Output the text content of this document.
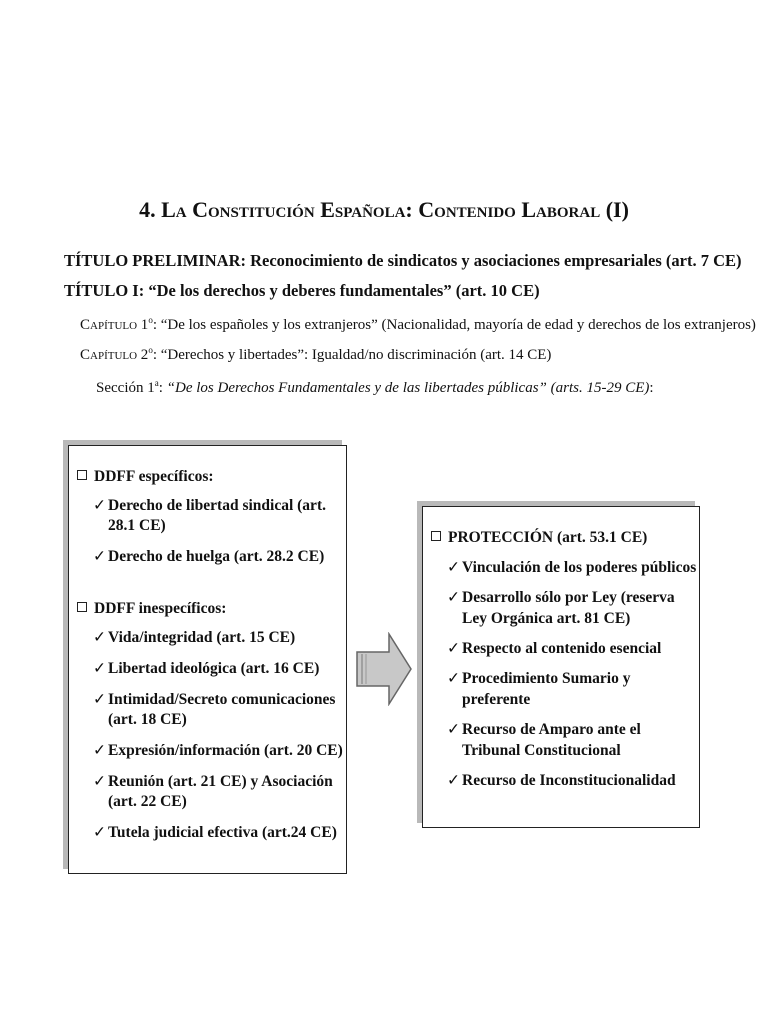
4. La Constitución Española: Contenido Laboral (I)
TÍTULO PRELIMINAR: Reconocimiento de sindicatos y asociaciones empresariales (art. 7 CE)
TÍTULO I: “De los derechos y deberes fundamentales” (art. 10 CE)
Capítulo 1$^o$: “De los españoles y los extranjeros” (Nacionalidad, mayoría de edad y derechos de los extranjeros)
Capítulo 2$^o$: “Derechos y libertades”: Igualdad/no discriminación (art. 14 CE)
Sección 1$^a$: “De los Derechos Fundamentales y de las libertades públicas” (arts. 15-29 CE):
DDFF específicos:
✓ Derecho de libertad sindical (art. 28.1 CE)
✓ Derecho de huelga (art. 28.2 CE)
DDFF inespecíficos:
✓ Vida/integridad (art. 15 CE)
✓ Libertad ideológica (art. 16 CE)
✓ Intimidad/Secreto comunicaciones (art. 18 CE)
✓ Expresión/información (art. 20 CE)
✓ Reunión (art. 21 CE) y Asociación (art. 22 CE)
✓ Tutela judicial efectiva (art.24 CE)
PROTECCIÓN (art. 53.1 CE)
✓ Vinculación de los poderes públicos
✓ Desarrollo sólo por Ley (reserva Ley Orgánica art. 81 CE)
✓ Respecto al contenido esencial
✓ Procedimiento Sumario y preferente
✓ Recurso de Amparo ante el Tribunal Constitucional
✓ Recurso de Inconstitucionalidad
